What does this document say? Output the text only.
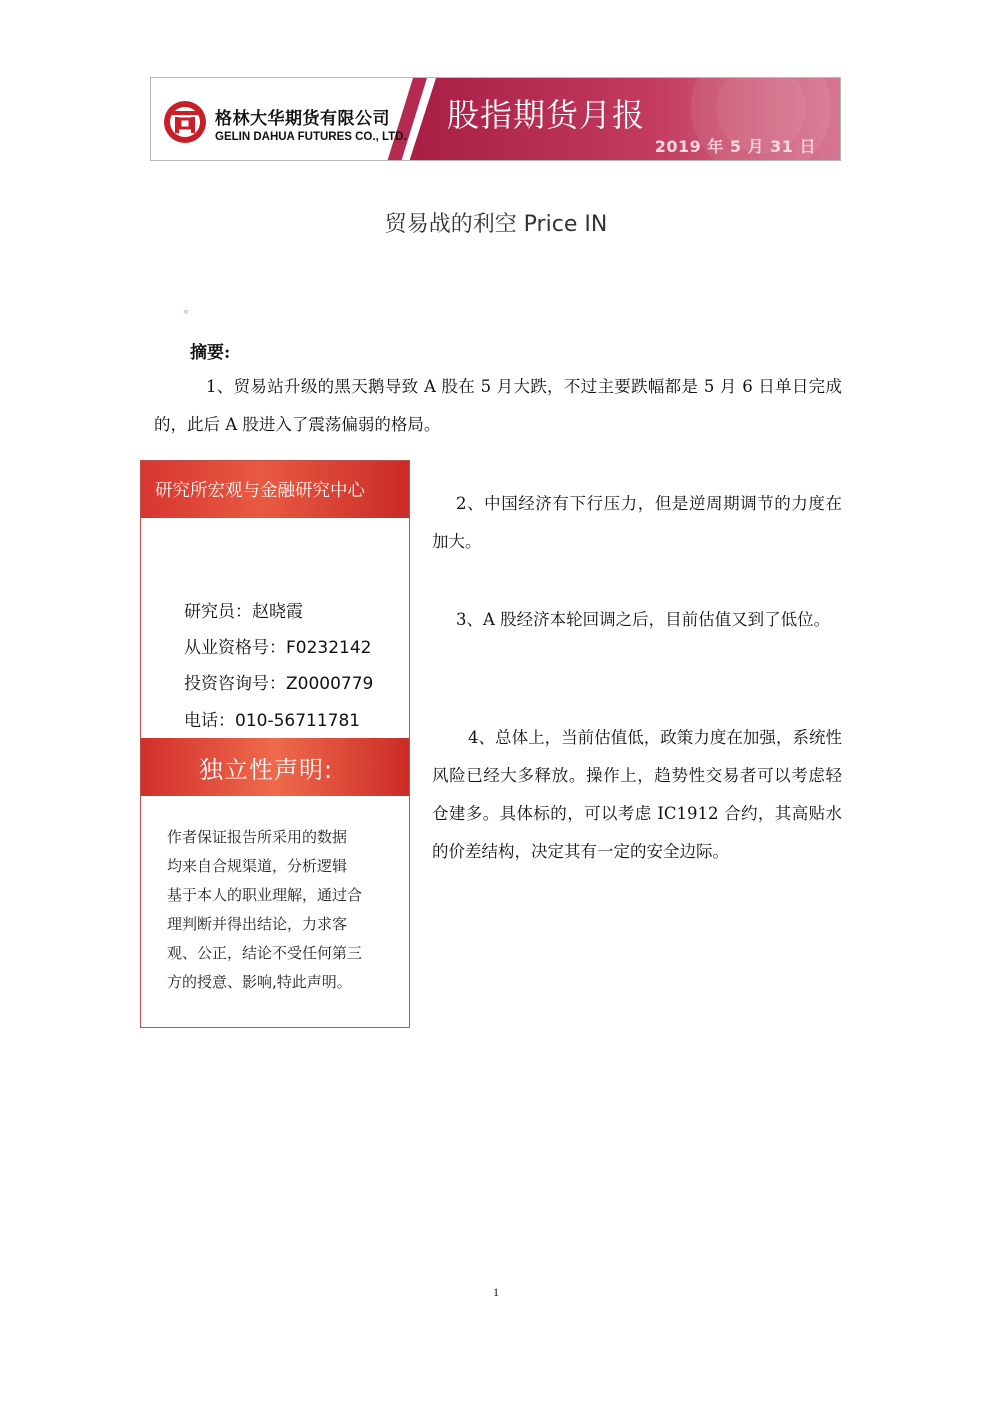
格林大华期货有限公司
GELIN DAHUA FUTURES CO., LTD.
股指期货月报
2019 年 5 月 31 日
贸易战的利空 Price IN
。
摘要:
1、贸易站升级的黑天鹅导致 A 股在 5 月大跌，不过主要跌幅都是 5 月 6 日单日完成的，此后 A 股进入了震荡偏弱的格局。
2、中国经济有下行压力，但是逆周期调节的力度在加大。
3、A 股经济本轮回调之后，目前估值又到了低位。
4、总体上，当前估值低，政策力度在加强，系统性风险已经大多释放。操作上，趋势性交易者可以考虑轻仓建多。具体标的，可以考虑 IC1912 合约，其高贴水的价差结构，决定其有一定的安全边际。
研究所宏观与金融研究中心
研究员：赵晓霞
从业资格号：F0232142
投资咨询号：Z0000779
电话：010-56711781
独立性声明:
作者保证报告所采用的数据
均来自合规渠道，分析逻辑
基于本人的职业理解，通过合
理判断并得出结论，力求客
观、公正，结论不受任何第三
方的授意、影响,特此声明。
1
